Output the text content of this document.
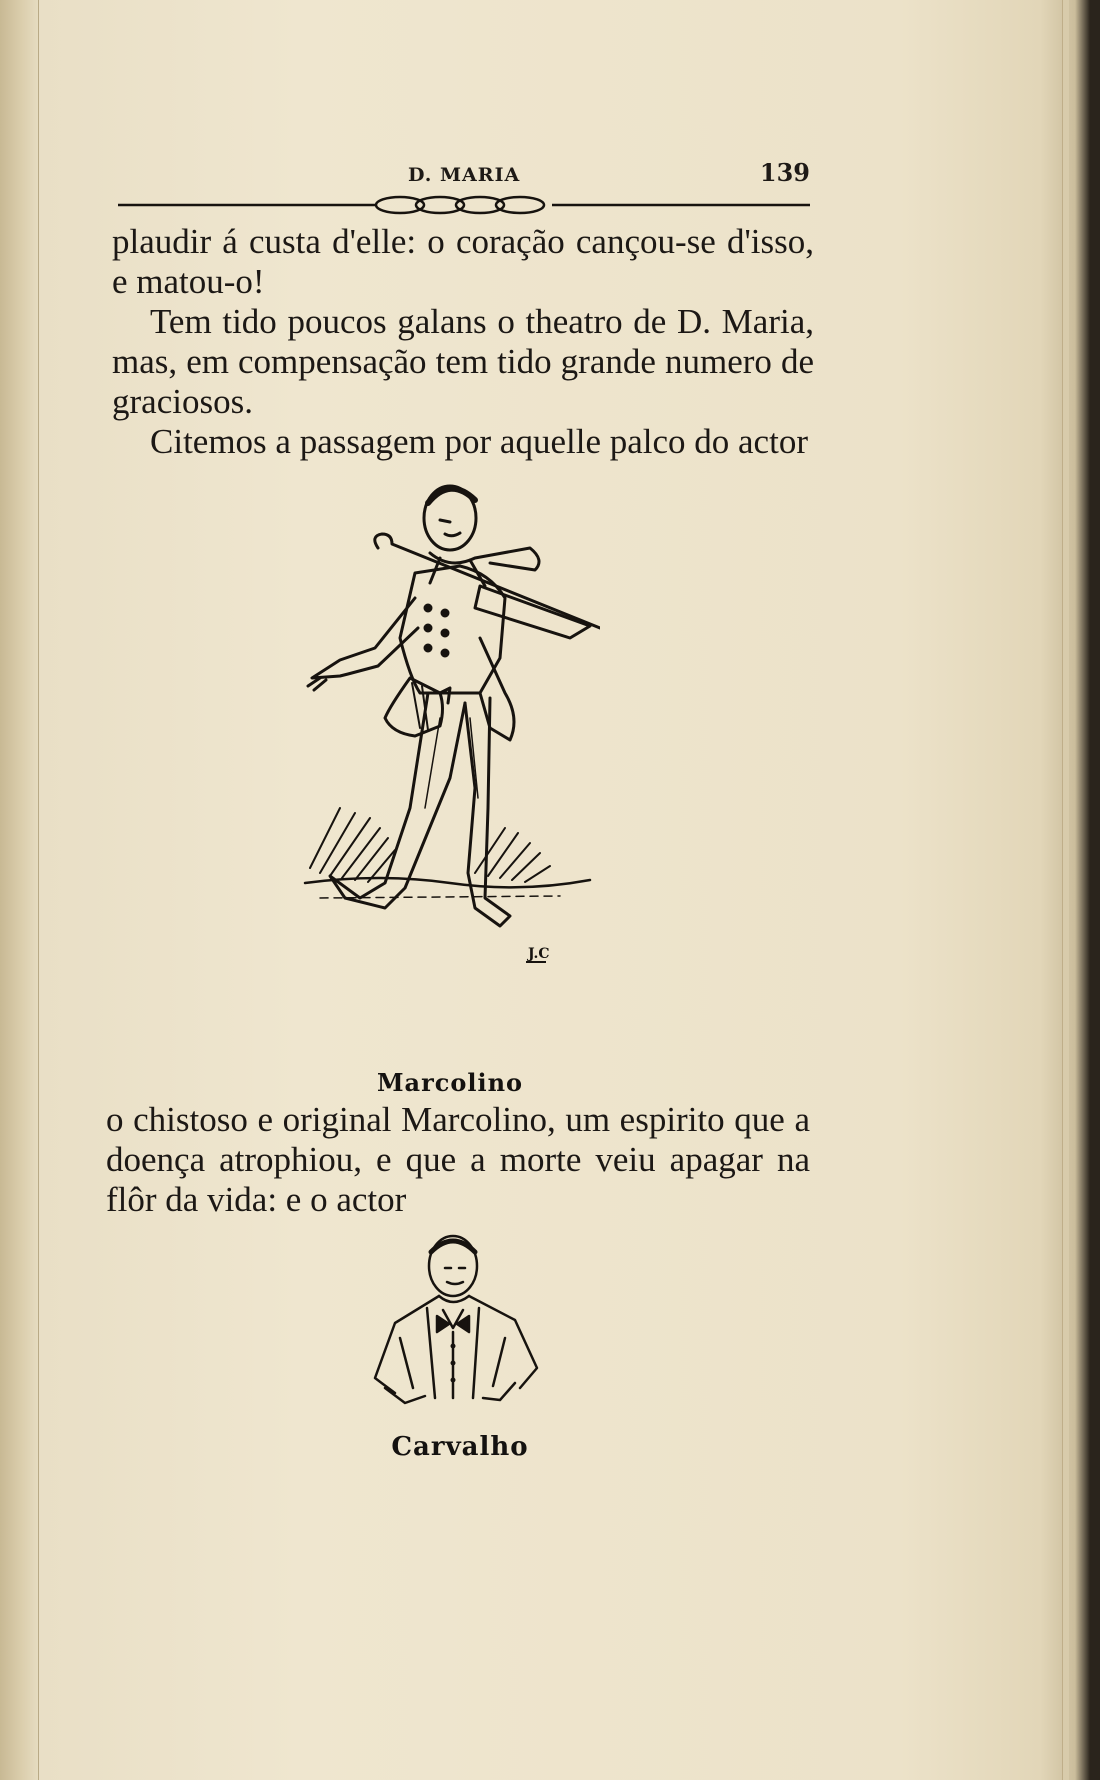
D. MARIA	139

plaudir á custa d'elle: o coração cançou-se d'isso, e matou-o!

Tem tido poucos galans o theatro de D. Maria, mas, em compensação tem tido grande numero de graciosos.

Citemos a passagem por aquelle palco do actor

J.C
Marcolino

o chistoso e original Marcolino, um espirito que a doença atrophiou, e que a morte veiu apagar na flôr da vida: e o actor

Carvalho
